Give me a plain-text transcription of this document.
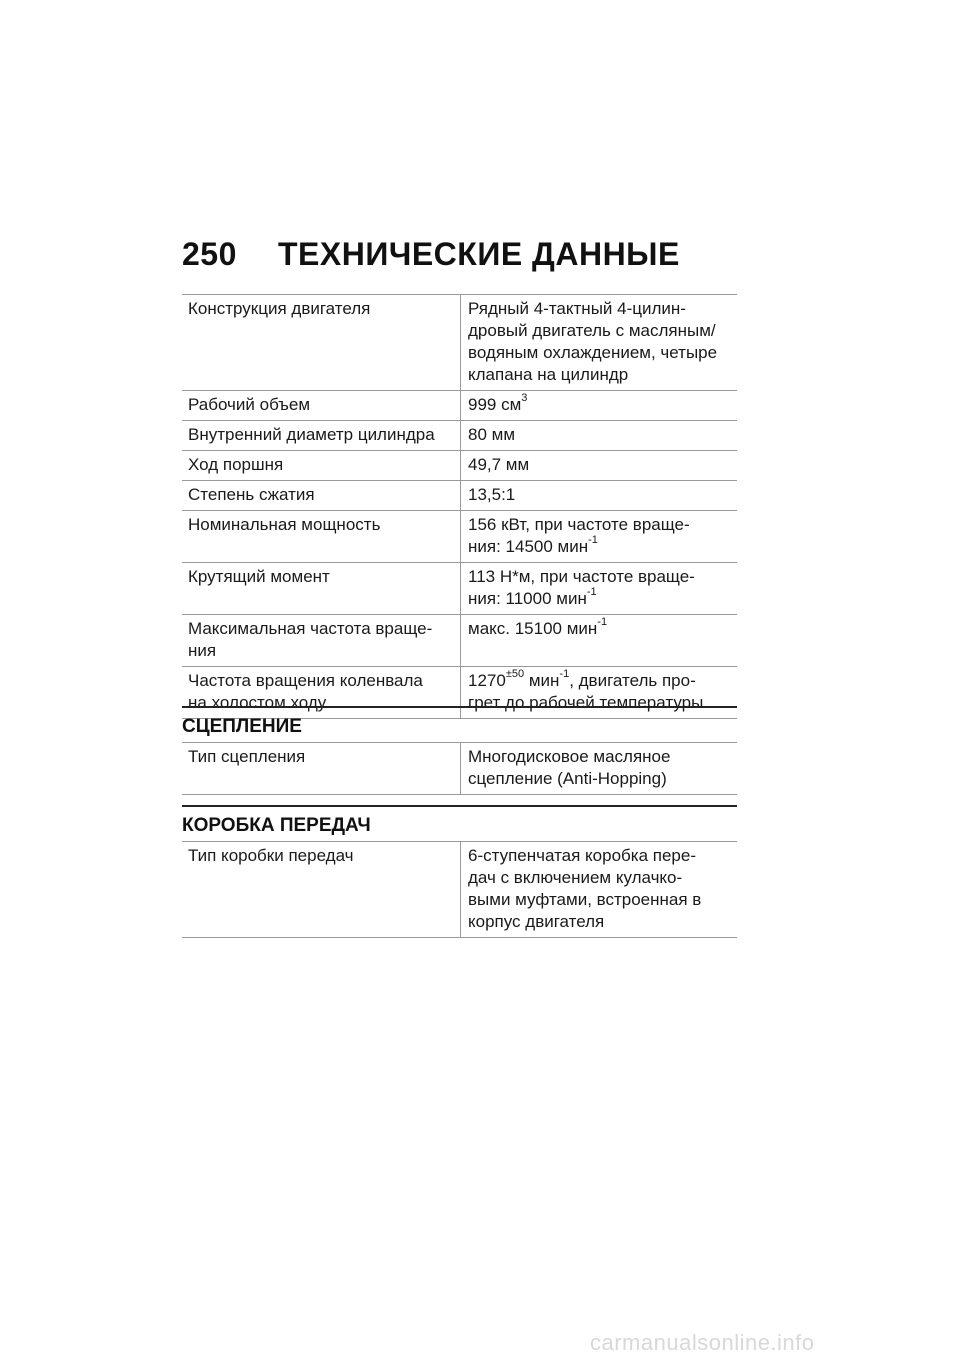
250 ТЕХНИЧЕСКИЕ ДАННЫЕ
Конструкция двигателя	Рядный 4-тактный 4-цилин-
дровый двигатель с масляным/
водяным охлаждением, четыре
клапана на цилиндр

Рабочий объем	999 $см^3$

Внутренний диаметр цилиндра	80 мм

Ход поршня	49,7 мм

Степень сжатия	13,5:1

Номинальная мощность	156 кВт, при частоте враще-
ния: 14500 мин$^{-1}$

Крутящий момент	113 Н*м, при частоте враще-
ния: 11000 мин$^{-1}$

Максимальная частота враще-
ния	макс. 15100 мин$^{-1}$

Частота вращения коленвала
на холостом ходу	$1270^{\pm 50}$ мин$^{-1}$, двигатель про-
грет до рабочей температуры
СЦЕПЛЕНИЕ
Тип сцепления	Многодисковое масляное
сцепление (Anti-Hopping)
КОРОБКА ПЕРЕДАЧ
Тип коробки передач	6-ступенчатая коробка пере-
дач с включением кулачко-
выми муфтами, встроенная в
корпус двигателя
carmanualsonline.info
